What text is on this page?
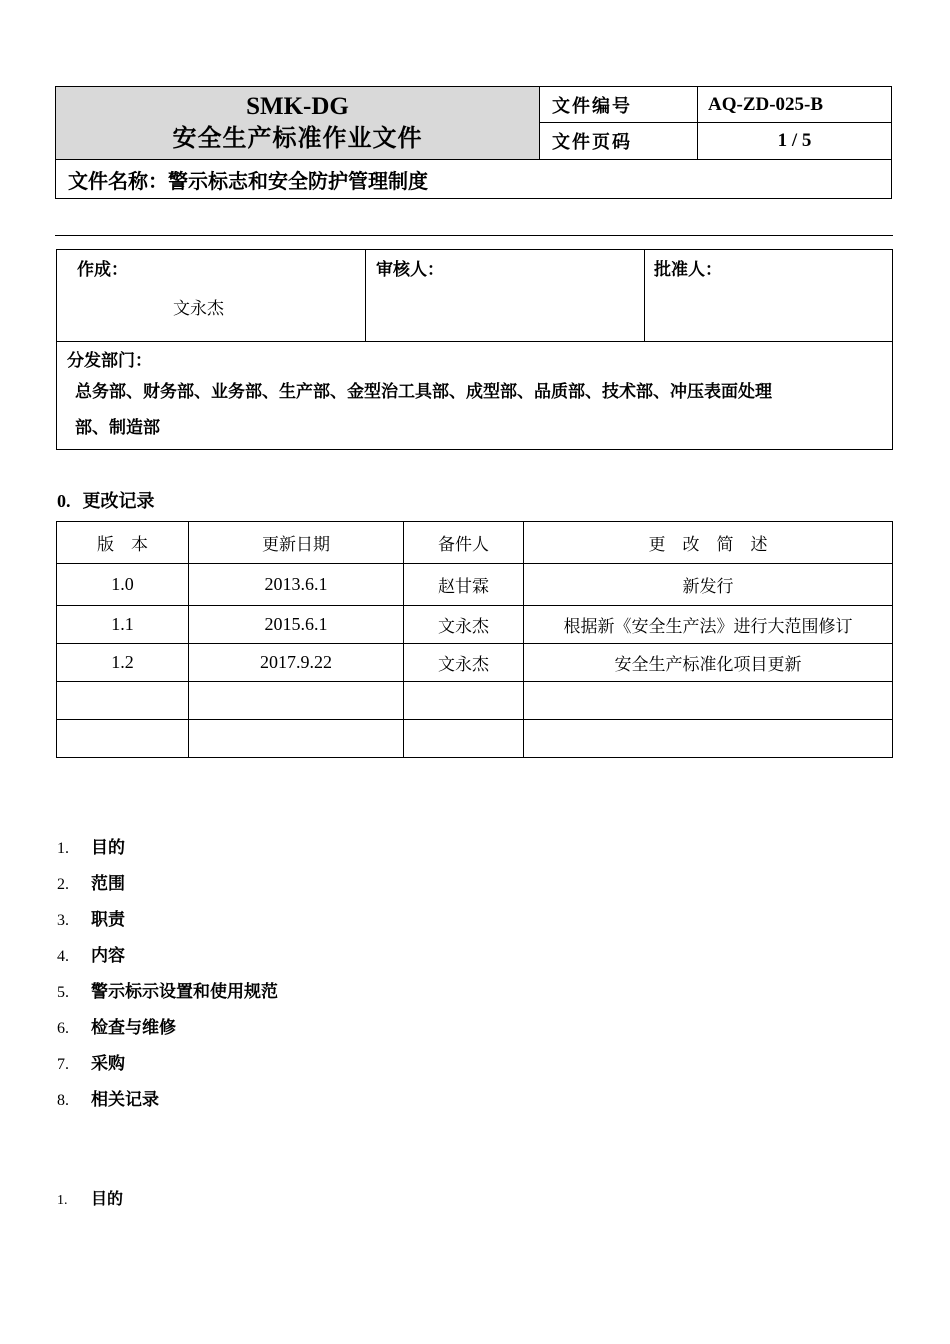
SMK-DG
安全生产标准作业文件	文件编号	AQ-ZD-025-B
	文件页码	1 / 5
文件名称：警示标志和安全防护管理制度		
作成：
文永杰

审核人：	批准人：

分发部门：
总务部、财务部、业务部、生产部、金型治工具部、成型部、品质部、技术部、冲压表面处理
部、制造部
0. 更改记录
版　本	更新日期	备件人	更　改　简　述
1.0	2013.6.1	赵甘霖	新发行
1.1	2015.6.1	文永杰	根据新《安全生产法》进行大范围修订
1.2	2017.9.22	文永杰	安全生产标准化项目更新

1. 目的
2. 范围
3. 职责
4. 内容
5. 警示标示设置和使用规范
6. 检查与维修
7. 采购
8. 相关记录
1. 目的
